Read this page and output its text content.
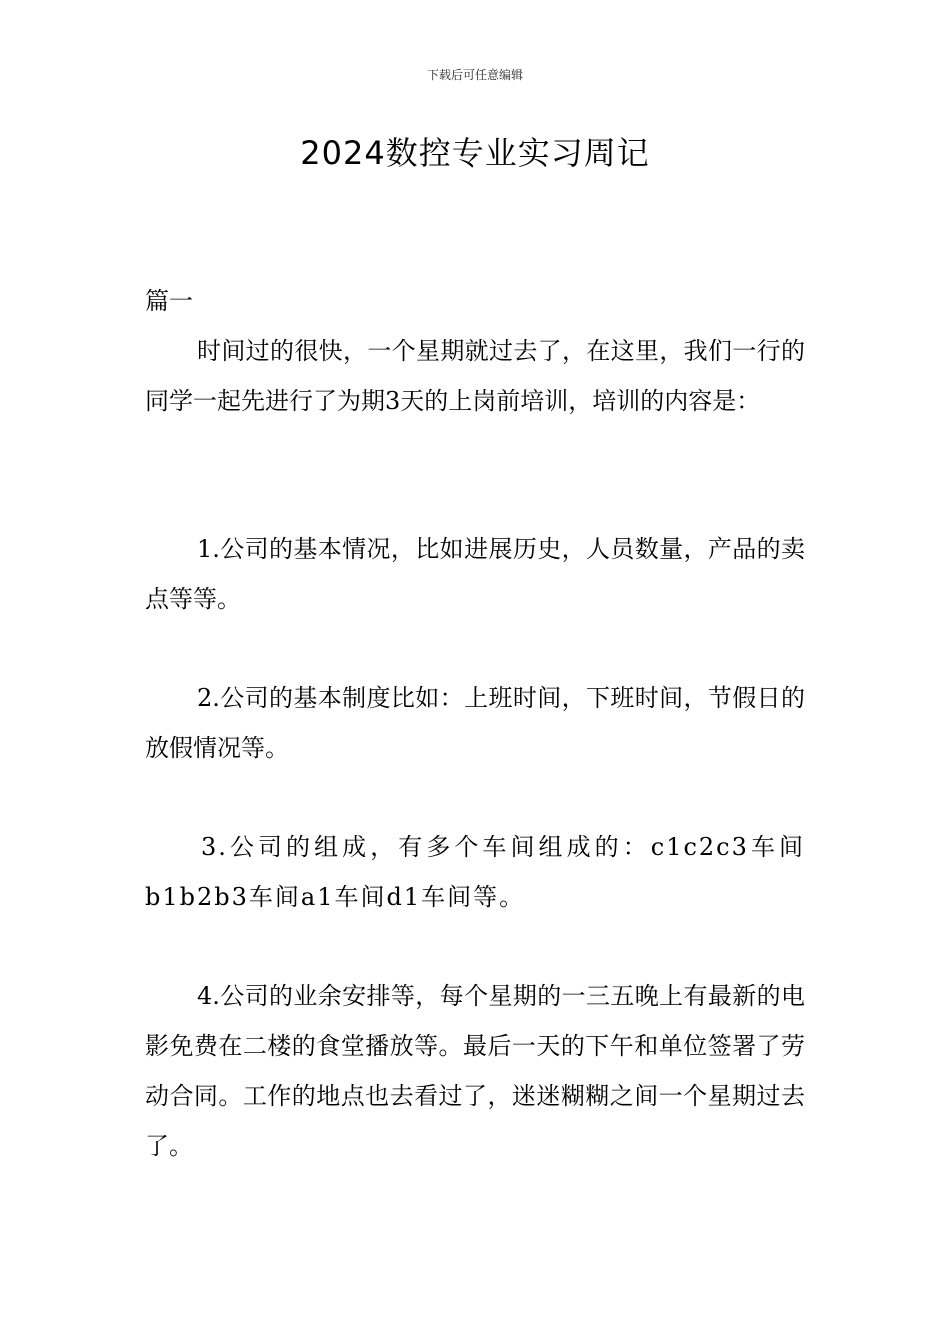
下载后可任意编辑
2024数控专业实习周记
篇一

时间过的很快，一个星期就过去了，在这里，我们一行的同学一起先进行了为期3天的上岗前培训，培训的内容是：

1.公司的基本情况，比如进展历史，人员数量，产品的卖点等等。

2.公司的基本制度比如：上班时间，下班时间，节假日的放假情况等。

3.公司的组成，有多个车间组成的：c1c2c3车间b1b2b3车间a1车间d1车间等。

4.公司的业余安排等，每个星期的一三五晚上有最新的电影免费在二楼的食堂播放等。最后一天的下午和单位签署了劳动合同。工作的地点也去看过了，迷迷糊糊之间一个星期过去了。
